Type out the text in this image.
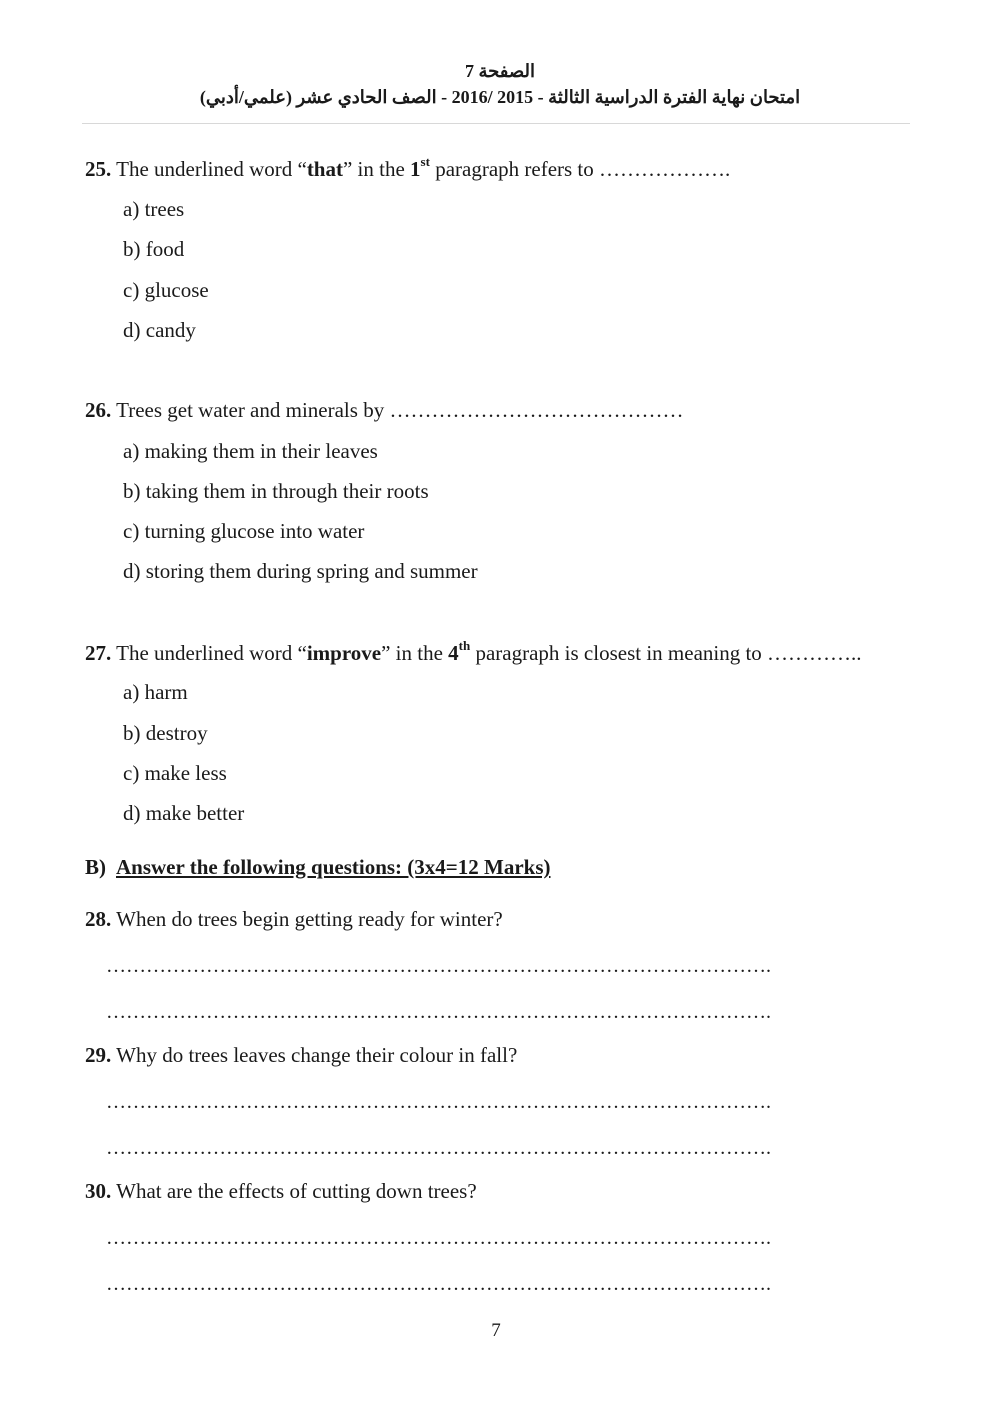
الصفحة 7
امتحان نهاية الفترة الدراسية الثالثة - 2015 /2016 - الصف الحادي عشر (علمي/أدبي)
25. The underlined word “that” in the 1st paragraph refers to ……………….
a) trees
b) food
c) glucose
d) candy
26. Trees get water and minerals by ……………………………………
a) making them in their leaves
b) taking them in through their roots
c) turning glucose into water
d) storing them during spring and summer
27. The underlined word “improve” in the 4th paragraph is closest in meaning to …………..
a) harm
b) destroy
c) make less
d) make better
B) Answer the following questions: (3x4=12 Marks)
28. When do trees begin getting ready for winter?
……………………………………………………………………………………….
……………………………………………………………………………………….
29. Why do trees leaves change their colour in fall?
……………………………………………………………………………………….
……………………………………………………………………………………….
30. What are the effects of cutting down trees?
……………………………………………………………………………………….
……………………………………………………………………………………….
7
